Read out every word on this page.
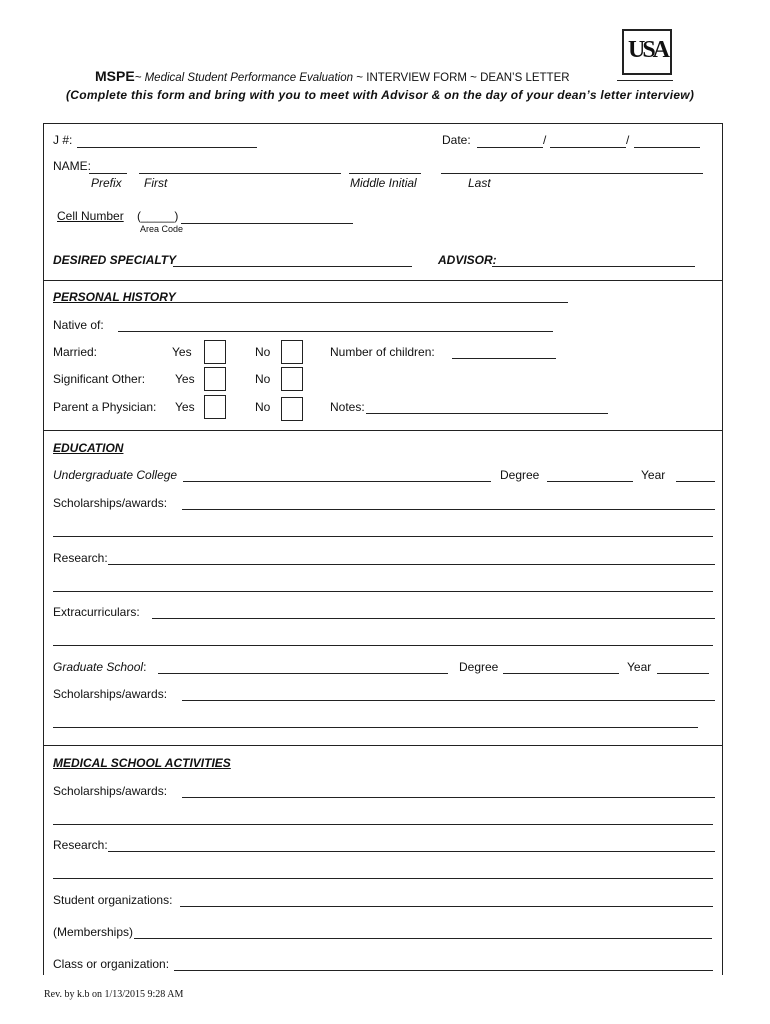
USA
MSPE~ Medical Student Performance Evaluation ~ INTERVIEW FORM ~ DEAN’S LETTER
(Complete this form and bring with you to meet with Advisor & on the day of your dean’s letter interview)
J #:	Date:	/	/
NAME:
Prefix First	Middle Initial	Last
Cell Number (_____)
Area Code
DESIRED SPECIALTY	ADVISOR:
PERSONAL HISTORY
Native of:
Married:	Yes	No	Number of children:
Significant Other: Yes	No
Parent a Physician: Yes	No	Notes:
EDUCATION
Undergraduate College	Degree	Year
Scholarships/awards:
Research:
Extracurriculars:
Graduate School:	Degree	Year
Scholarships/awards:
MEDICAL SCHOOL ACTIVITIES
Scholarships/awards:
Research:
Student organizations:
(Memberships)
Class or organization:
Rev. by k.b on 1/13/2015 9:28 AM
